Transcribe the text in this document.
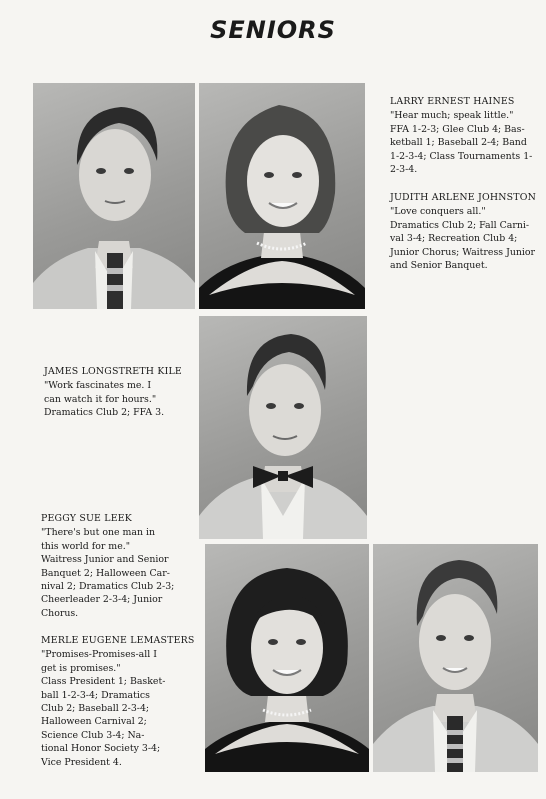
SENIORS
LARRY ERNEST HAINES
"Hear much; speak little."
FFA 1-2-3; Glee Club 4; Bas-
ketball 1; Baseball 2-4; Band
1-2-3-4; Class Tournaments 1-
2-3-4.
JUDITH ARLENE JOHNSTON
"Love conquers all."
Dramatics Club 2; Fall Carni-
val 3-4; Recreation Club 4;
Junior Chorus; Waitress Junior
and Senior Banquet.
JAMES LONGSTRETH KILE
"Work fascinates me. I
can watch it for hours."
Dramatics Club 2; FFA 3.
PEGGY SUE LEEK
"There's but one man in
this world for me."
Waitress Junior and Senior
Banquet 2; Halloween Car-
nival 2; Dramatics Club 2-3;
Cheerleader 2-3-4; Junior
Chorus.
MERLE EUGENE LEMASTERS
"Promises-Promises-all I
get is promises."
Class President 1; Basket-
ball 1-2-3-4; Dramatics
Club 2; Baseball 2-3-4;
Halloween Carnival 2;
Science Club 3-4; Na-
tional Honor Society 3-4;
Vice President 4.
